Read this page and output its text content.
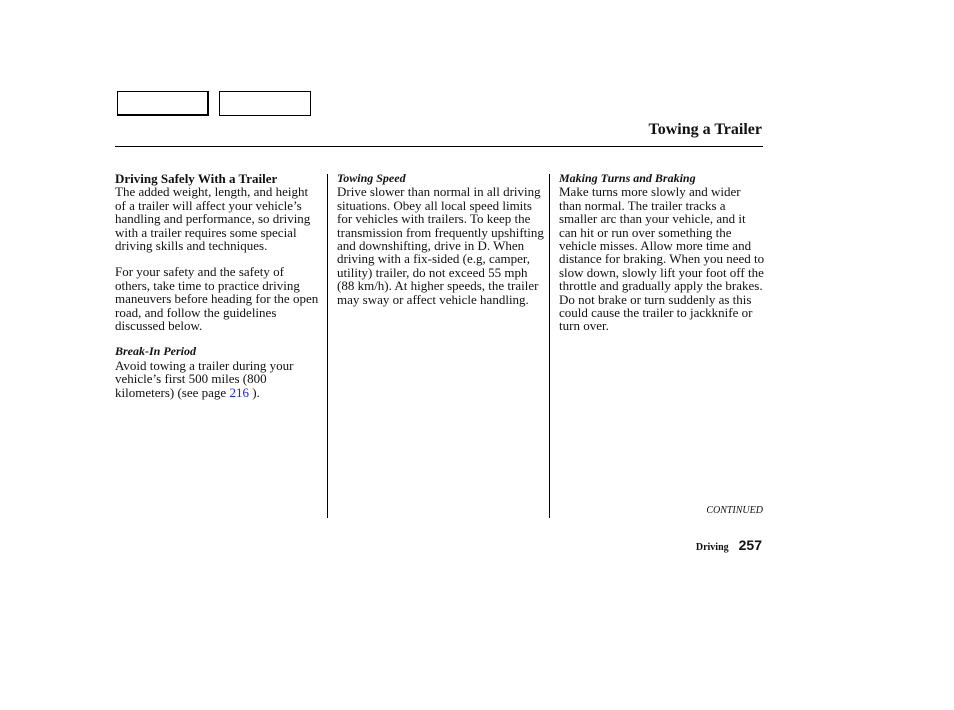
Towing a Trailer

Driving Safely With a Trailer

The added weight, length, and height of a trailer will affect your vehicle’s handling and performance, so driving with a trailer requires some special driving skills and techniques.

For your safety and the safety of others, take time to practice driving maneuvers before heading for the open road, and follow the guidelines discussed below.

Break-In Period

Avoid towing a trailer during your vehicle’s first 500 miles (800 kilometers) (see page 216 ).

Towing Speed

Drive slower than normal in all driving situations. Obey all local speed limits for vehicles with trailers. To keep the transmission from frequently upshifting and downshifting, drive in D. When driving with a fix-sided (e.g, camper, utility) trailer, do not exceed 55 mph (88 km/h). At higher speeds, the trailer may sway or affect vehicle handling.

Making Turns and Braking

Make turns more slowly and wider than normal. The trailer tracks a smaller arc than your vehicle, and it can hit or run over something the vehicle misses. Allow more time and distance for braking. When you need to slow down, slowly lift your foot off the throttle and gradually apply the brakes. Do not brake or turn suddenly as this could cause the trailer to jackknife or turn over.

CONTINUED
Driving 257
